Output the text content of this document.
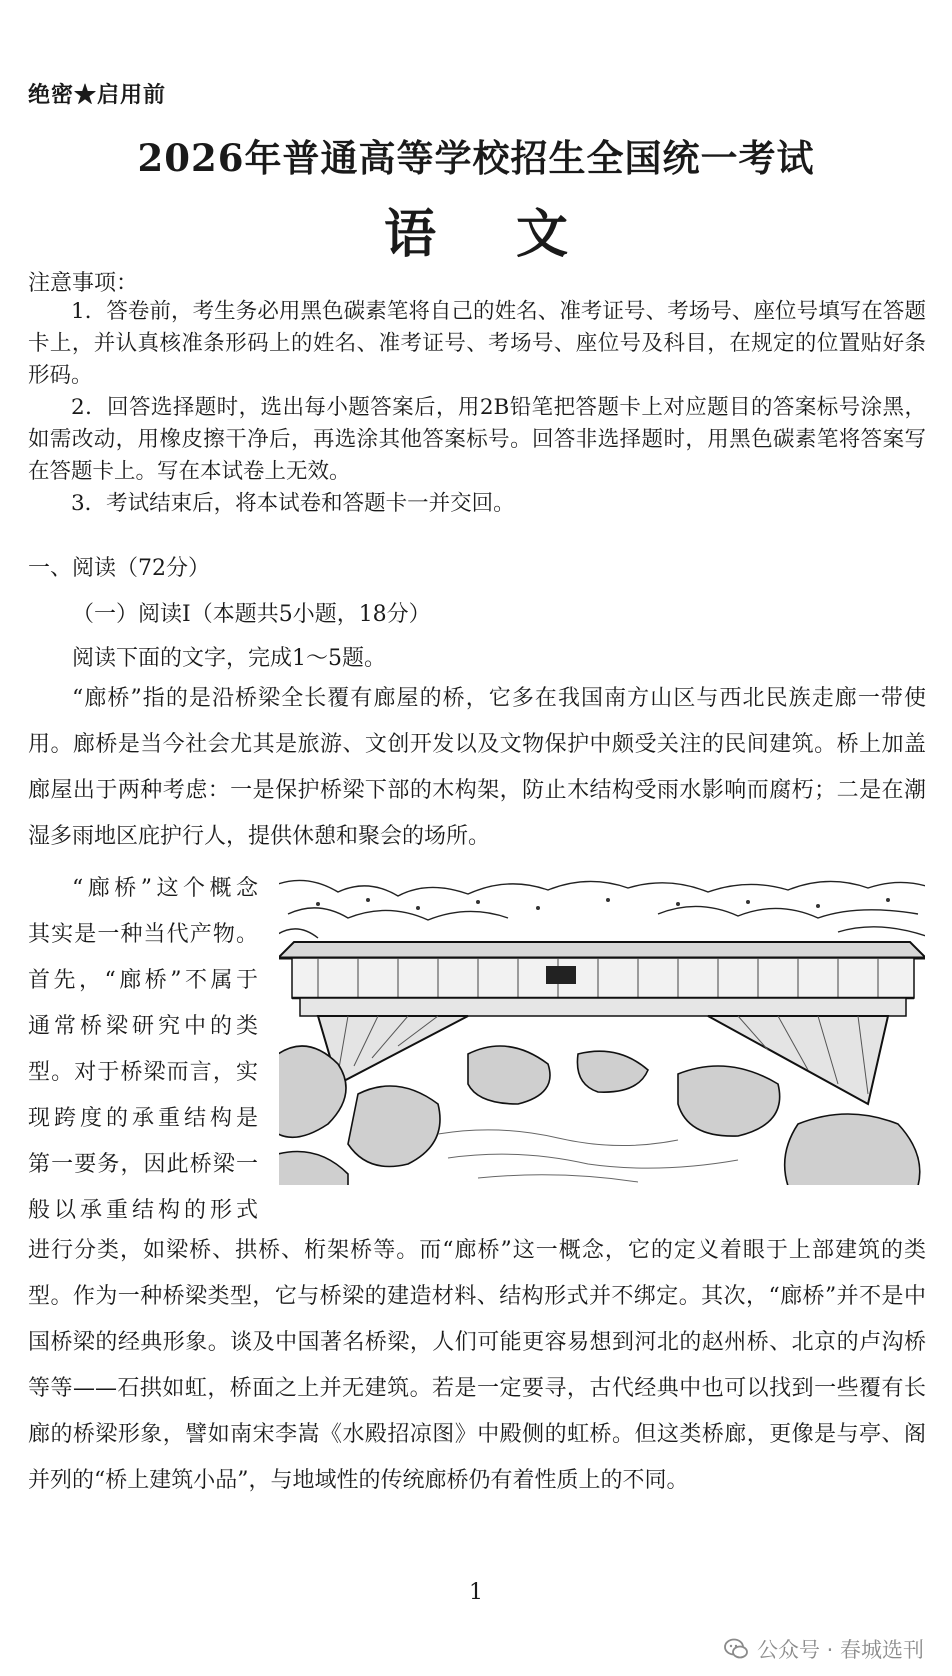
绝密★启用前
2026年普通高等学校招生全国统一考试
语 文
注意事项：

1．答卷前，考生务必用黑色碳素笔将自己的姓名、准考证号、考场号、座位号填写在答题卡上，并认真核准条形码上的姓名、准考证号、考场号、座位号及科目，在规定的位置贴好条形码。

2．回答选择题时，选出每小题答案后，用2B铅笔把答题卡上对应题目的答案标号涂黑，如需改动，用橡皮擦干净后，再选涂其他答案标号。回答非选择题时，用黑色碳素笔将答案写在答题卡上。写在本试卷上无效。

3．考试结束后，将本试卷和答题卡一并交回。

一、阅读（72分）
（一）阅读Ⅰ（本题共5小题，18分）
阅读下面的文字，完成1～5题。
“廊桥”指的是沿桥梁全长覆有廊屋的桥，它多在我国南方山区与西北民族走廊一带使用。廊桥是当今社会尤其是旅游、文创开发以及文物保护中颇受关注的民间建筑。桥上加盖廊屋出于两种考虑：一是保护桥梁下部的木构架，防止木结构受雨水影响而腐朽；二是在潮湿多雨地区庇护行人，提供休憩和聚会的场所。
“廊桥”这个概念
其实是一种当代产物。
首先，“廊桥”不属于
通常桥梁研究中的类
型。对于桥梁而言，实
现跨度的承重结构是
第一要务，因此桥梁一
般以承重结构的形式
进行分类，如梁桥、拱桥、桁架桥等。而“廊桥”这一概念，它的定义着眼于上部建筑的类型。作为一种桥梁类型，它与桥梁的建造材料、结构形式并不绑定。其次，“廊桥”并不是中国桥梁的经典形象。谈及中国著名桥梁，人们可能更容易想到河北的赵州桥、北京的卢沟桥等等——石拱如虹，桥面之上并无建筑。若是一定要寻，古代经典中也可以找到一些覆有长廊的桥梁形象，譬如南宋李嵩《水殿招凉图》中殿侧的虹桥。但这类桥廊，更像是与亭、阁并列的“桥上建筑小品”，与地域性的传统廊桥仍有着性质上的不同。
1
公众号 · 春城选刊
